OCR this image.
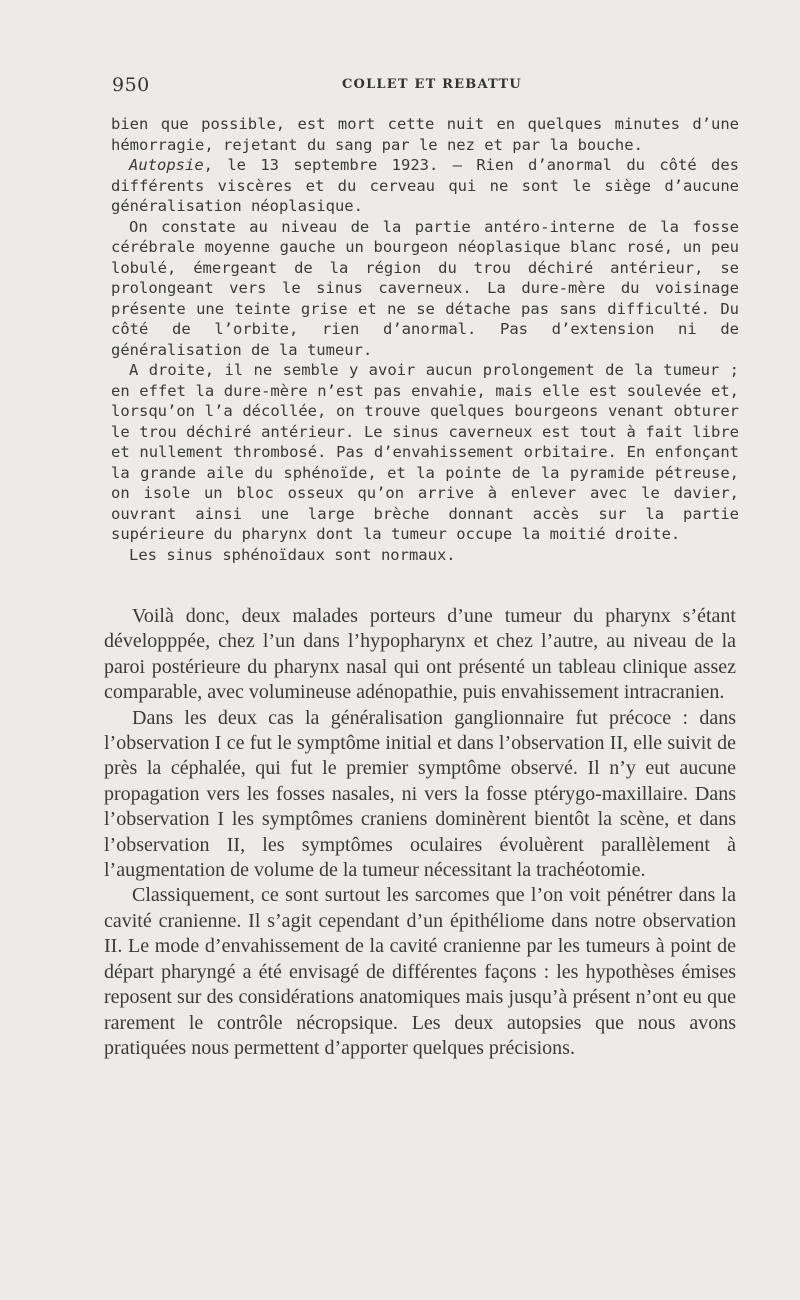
950	COLLET ET REBATTU

bien que possible, est mort cette nuit en quelques minutes d’une hémorragie, rejetant du sang par le nez et par la bouche.

Autopsie, le 13 septembre 1923. — Rien d’anormal du côté des différents viscères et du cerveau qui ne sont le siège d’aucune généralisation néoplasique.

On constate au niveau de la partie antéro-interne de la fosse cérébrale moyenne gauche un bourgeon néoplasique blanc rosé, un peu lobulé, émergeant de la région du trou déchiré antérieur, se prolongeant vers le sinus caverneux. La dure-mère du voisinage présente une teinte grise et ne se détache pas sans difficulté. Du côté de l’orbite, rien d’anormal. Pas d’extension ni de généralisation de la tumeur.

A droite, il ne semble y avoir aucun prolongement de la tumeur ; en effet la dure-mère n’est pas envahie, mais elle est soulevée et, lorsqu’on l’a décollée, on trouve quelques bourgeons venant obturer le trou déchiré antérieur. Le sinus caverneux est tout à fait libre et nullement thrombosé. Pas d’envahissement orbitaire. En enfonçant la grande aile du sphénoïde, et la pointe de la pyramide pétreuse, on isole un bloc osseux qu’on arrive à enlever avec le davier, ouvrant ainsi une large brèche donnant accès sur la partie supérieure du pharynx dont la tumeur occupe la moitié droite.

Les sinus sphénoïdaux sont normaux.

Voilà donc, deux malades porteurs d’une tumeur du pharynx s’étant développpée, chez l’un dans l’hypopharynx et chez l’autre, au niveau de la paroi postérieure du pharynx nasal qui ont présenté un tableau clinique assez comparable, avec volumineuse adénopathie, puis envahissement intracranien.

Dans les deux cas la généralisation ganglionnaire fut précoce : dans l’observation I ce fut le symptôme initial et dans l’observation II, elle suivit de près la céphalée, qui fut le premier symptôme observé. Il n’y eut aucune propagation vers les fosses nasales, ni vers la fosse ptérygo-maxillaire. Dans l’observation I les symptômes craniens dominèrent bientôt la scène, et dans l’observation II, les symptômes oculaires évoluèrent parallèlement à l’augmentation de volume de la tumeur nécessitant la trachéotomie.

Classiquement, ce sont surtout les sarcomes que l’on voit pénétrer dans la cavité cranienne. Il s’agit cependant d’un épithéliome dans notre observation II. Le mode d’envahissement de la cavité cranienne par les tumeurs à point de départ pharyngé a été envisagé de différentes façons : les hypothèses émises reposent sur des considérations anatomiques mais jusqu’à présent n’ont eu que rarement le contrôle nécropsique. Les deux autopsies que nous avons pratiquées nous permettent d’apporter quelques précisions.
